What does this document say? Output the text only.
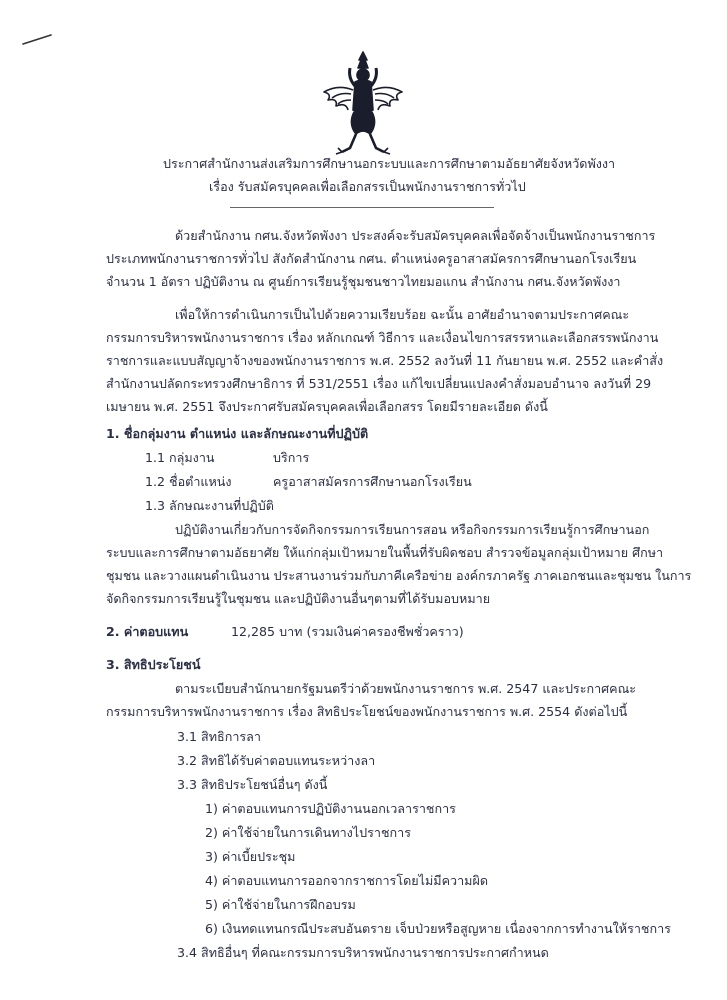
ประกาศสำนักงานส่งเสริมการศึกษานอกระบบและการศึกษาตามอัธยาศัยจังหวัดพังงา
เรื่อง รับสมัครบุคคลเพื่อเลือกสรรเป็นพนักงานราชการทั่วไป
ด้วยสำนักงาน กศน.จังหวัดพังงา ประสงค์จะรับสมัครบุคคลเพื่อจัดจ้างเป็นพนักงานราชการ
ประเภทพนักงานราชการทั่วไป สังกัดสำนักงาน กศน. ตำแหน่งครูอาสาสมัครการศึกษานอกโรงเรียน
จำนวน 1 อัตรา ปฏิบัติงาน ณ ศูนย์การเรียนรู้ชุมชนชาวไทยมอแกน สำนักงาน กศน.จังหวัดพังงา
เพื่อให้การดำเนินการเป็นไปด้วยความเรียบร้อย ฉะนั้น อาศัยอำนาจตามประกาศคณะ
กรรมการบริหารพนักงานราชการ เรื่อง หลักเกณฑ์ วิธีการ และเงื่อนไขการสรรหาและเลือกสรรพนักงาน
ราชการและแบบสัญญาจ้างของพนักงานราชการ พ.ศ. 2552 ลงวันที่ 11 กันยายน พ.ศ. 2552 และคำสั่ง
สำนักงานปลัดกระทรวงศึกษาธิการ ที่ 531/2551 เรื่อง แก้ไขเปลี่ยนแปลงคำสั่งมอบอำนาจ ลงวันที่ 29
เมษายน พ.ศ. 2551 จึงประกาศรับสมัครบุคคลเพื่อเลือกสรร โดยมีรายละเอียด ดังนี้
1. ชื่อกลุ่มงาน ตำแหน่ง และลักษณะงานที่ปฏิบัติ
1.1 กลุ่มงาน	บริการ
1.2 ชื่อตำแหน่ง	ครูอาสาสมัครการศึกษานอกโรงเรียน
1.3 ลักษณะงานที่ปฏิบัติ
ปฏิบัติงานเกี่ยวกับการจัดกิจกรรมการเรียนการสอน หรือกิจกรรมการเรียนรู้การศึกษานอก
ระบบและการศึกษาตามอัธยาศัย ให้แก่กลุ่มเป้าหมายในพื้นที่รับผิดชอบ สำรวจข้อมูลกลุ่มเป้าหมาย ศึกษา
ชุมชน และวางแผนดำเนินงาน ประสานงานร่วมกับภาคีเครือข่าย องค์กรภาครัฐ ภาคเอกชนและชุมชน ในการ
จัดกิจกรรมการเรียนรู้ในชุมชน และปฏิบัติงานอื่นๆตามที่ได้รับมอบหมาย
2. ค่าตอบแทน	12,285 บาท (รวมเงินค่าครองชีพชั่วคราว)
3. สิทธิประโยชน์
ตามระเบียบสำนักนายกรัฐมนตรีว่าด้วยพนักงานราชการ พ.ศ. 2547 และประกาศคณะ
กรรมการบริหารพนักงานราชการ เรื่อง สิทธิประโยชน์ของพนักงานราชการ พ.ศ. 2554 ดังต่อไปนี้
3.1 สิทธิการลา
3.2 สิทธิได้รับค่าตอบแทนระหว่างลา
3.3 สิทธิประโยชน์อื่นๆ ดังนี้
1) ค่าตอบแทนการปฏิบัติงานนอกเวลาราชการ
2) ค่าใช้จ่ายในการเดินทางไปราชการ
3) ค่าเบี้ยประชุม
4) ค่าตอบแทนการออกจากราชการโดยไม่มีความผิด
5) ค่าใช้จ่ายในการฝึกอบรม
6) เงินทดแทนกรณีประสบอันตราย เจ็บป่วยหรือสูญหาย เนื่องจากการทำงานให้ราชการ
3.4 สิทธิอื่นๆ ที่คณะกรรมการบริหารพนักงานราชการประกาศกำหนด
